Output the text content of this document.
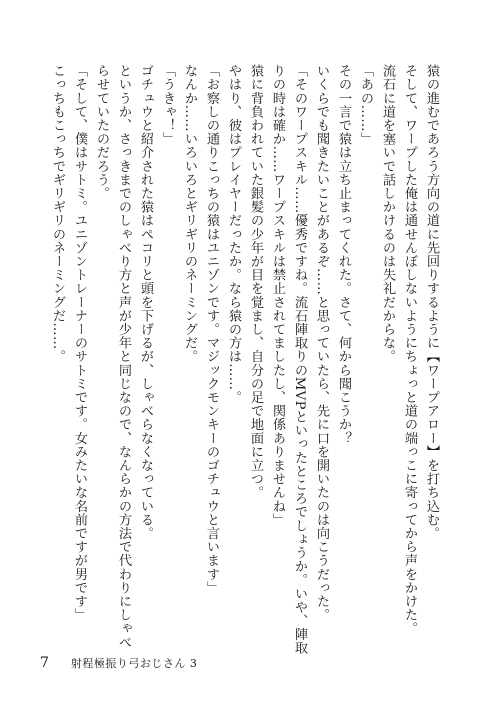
猿の進むであろう方向の道に先回りするように【ワープアロー】を打ち込む。
そして、ワープした俺は通せんぼしないようにちょっと道の端っこに寄ってから声をかけた。
流石に道を塞いで話しかけるのは失礼だからな。
「あの……」
その一言で猿は立ち止まってくれた。さて、何から聞こうか？
いくらでも聞きたいことがあるぞ……と思っていたら、先に口を開いたのは向こうだった。
「そのワープスキル……優秀ですね。流石陣取りのMVPといったところでしょうか。いや、陣取
りの時は確か……ワープスキルは禁止されてましたし、関係ありませんね」
猿に背負われていた銀髪の少年が目を覚まし、自分の足で地面に立つ。
やはり、彼はプレイヤーだったか。なら猿の方は……。
「お察しの通りこっちの猿はユニゾンです。マジックモンキーのゴチュウと言います」
なんか……いろいろとギリギリのネーミングだ。
「うきゃ！」
ゴチュウと紹介された猿はペコリと頭を下げるが、しゃべらなくなっている。
というか、さっきまでのしゃべり方と声が少年と同じなので、なんらかの方法で代わりにしゃべ
らせていたのだろう。
「そして、僕はサトミ。ユニゾントレーナーのサトミです。女みたいな名前ですが男です」
こっちもこっちでギリギリのネーミングだ……。
7 射程極振り弓おじさん 3
